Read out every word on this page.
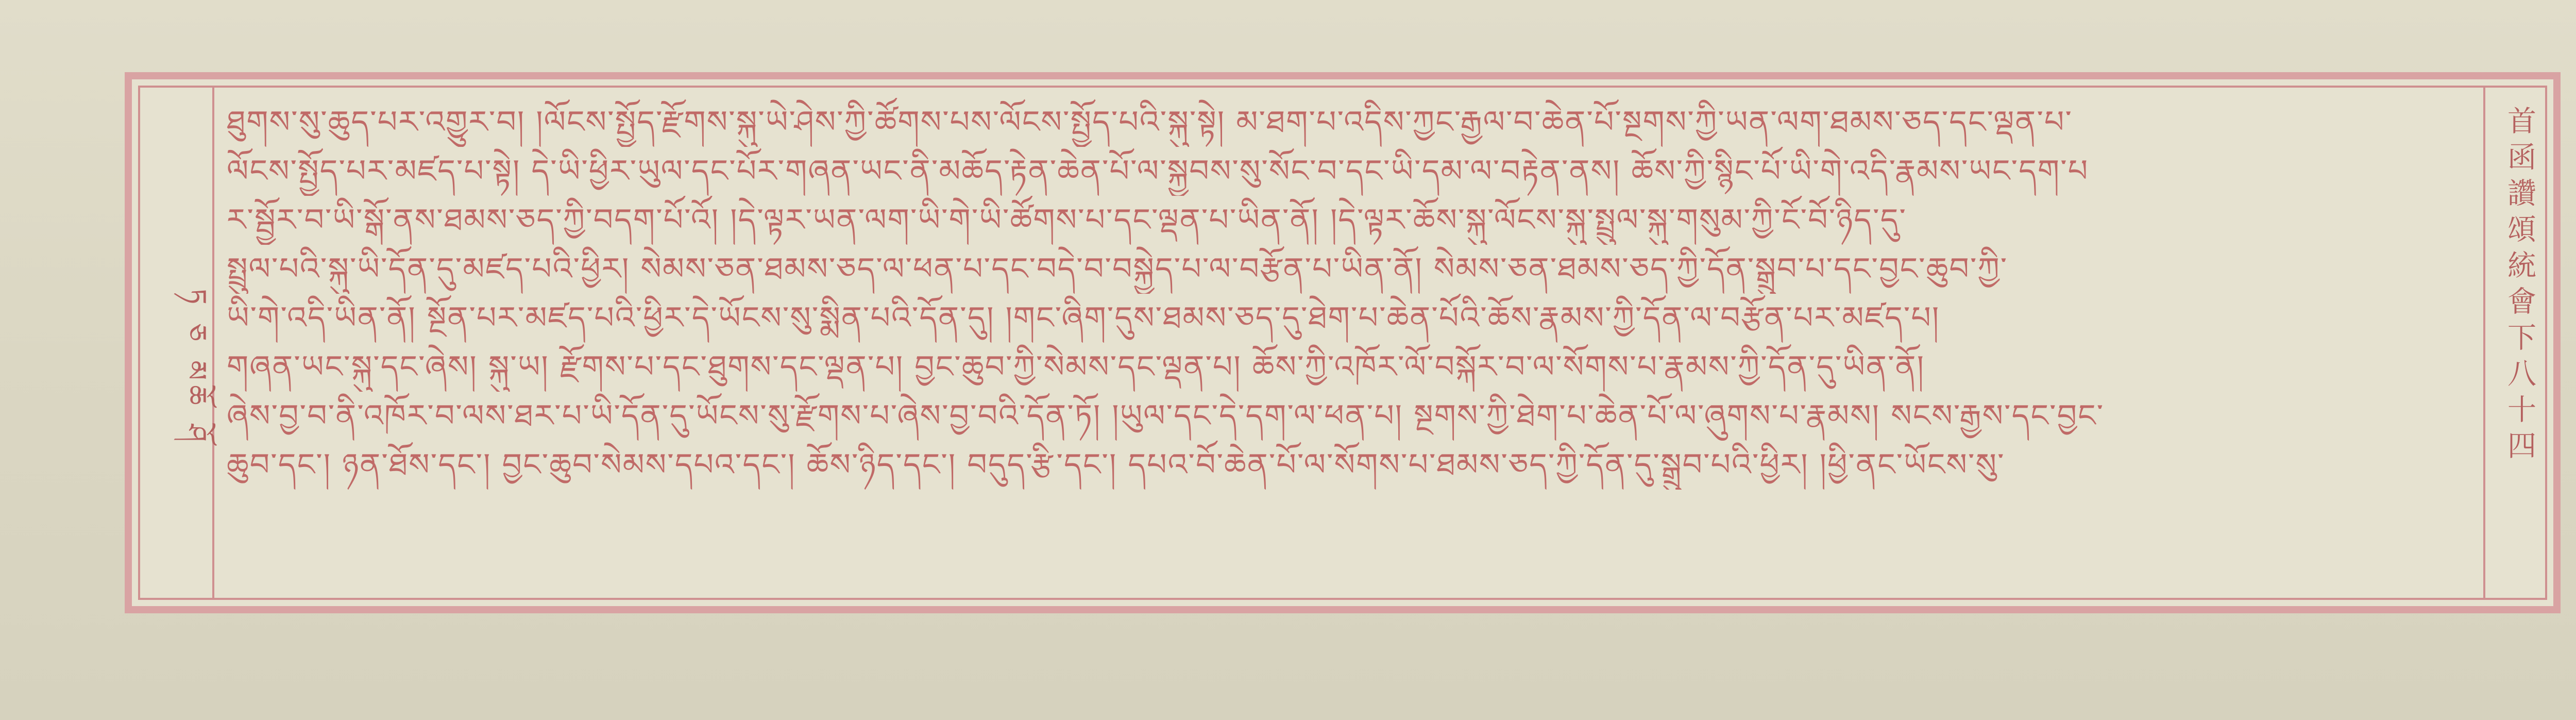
ཏ ཅ མཆོ ཤོ	首函讚頌統會下八十四
ཐུགས་སུ་ཆུད་པར་འགྱུར་བ། །ལོངས་སྤྱོད་རྫོགས་སྐུ་ཡེ་ཤེས་ཀྱི་ཚོགས་པས་ལོངས་སྤྱོད་པའི་སྐུ་སྟེ། མ་ཐག་པ་འདིས་ཀྱང་རྒྱལ་བ་ཆེན་པོ་སྔགས་ཀྱི་ཡན་ལག་ཐམས་ཅད་དང་ལྡན་པ་
ལོངས་སྤྱོད་པར་མཛད་པ་སྟེ། དེ་ཡི་ཕྱིར་ཡུལ་དང་པོར་གཞན་ཡང་ནི་མཆོད་རྟེན་ཆེན་པོ་ལ་སྐྱབས་སུ་སོང་བ་དང་ཡི་དམ་ལ་བརྟེན་ནས། ཆོས་ཀྱི་སྙིང་པོ་ཡི་གེ་འདི་རྣམས་ཡང་དག་པ
ར་སྦྱོར་བ་ཡི་སྒོ་ནས་ཐམས་ཅད་ཀྱི་བདག་པོ་འོ། །དེ་ལྟར་ཡན་ལག་ཡི་གེ་ཡི་ཚོགས་པ་དང་ལྡན་པ་ཡིན་ནོ། །དེ་ལྟར་ཆོས་སྐུ་ལོངས་སྐུ་སྤྲུལ་སྐུ་གསུམ་ཀྱི་ངོ་བོ་ཉིད་དུ་
སྤྲུལ་པའི་སྐུ་ཡི་དོན་དུ་མཛད་པའི་ཕྱིར། སེམས་ཅན་ཐམས་ཅད་ལ་ཕན་པ་དང་བདེ་བ་བསྐྱེད་པ་ལ་བརྩོན་པ་ཡིན་ནོ། སེམས་ཅན་ཐམས་ཅད་ཀྱི་དོན་སྒྲུབ་པ་དང་བྱང་ཆུབ་ཀྱི་
ཡི་གེ་འདི་ཡིན་ནོ། སྔོན་པར་མཛད་པའི་ཕྱིར་དེ་ཡོངས་སུ་སྨིན་པའི་དོན་དུ། །གང་ཞིག་དུས་ཐམས་ཅད་དུ་ཐེག་པ་ཆེན་པོའི་ཆོས་རྣམས་ཀྱི་དོན་ལ་བརྩོན་པར་མཛད་པ།
གཞན་ཡང་སྐུ་དང་ཞེས། སྐུ་ཡ། རྫོགས་པ་དང་ཐུགས་དང་ལྡན་པ། བྱང་ཆུབ་ཀྱི་སེམས་དང་ལྡན་པ། ཆོས་ཀྱི་འཁོར་ལོ་བསྐོར་བ་ལ་སོགས་པ་རྣམས་ཀྱི་དོན་དུ་ཡིན་ནོ།
ཞེས་བྱ་བ་ནི་འཁོར་བ་ལས་ཐར་པ་ཡི་དོན་དུ་ཡོངས་སུ་རྫོགས་པ་ཞེས་བྱ་བའི་དོན་ཏོ། །ཡུལ་དང་དེ་དག་ལ་ཕན་པ། སྔགས་ཀྱི་ཐེག་པ་ཆེན་པོ་ལ་ཞུགས་པ་རྣམས། སངས་རྒྱས་དང་བྱང་
ཆུབ་དང་། ཉན་ཐོས་དང་། བྱང་ཆུབ་སེམས་དཔའ་དང་། ཆོས་ཉིད་དང་། བདུད་རྩི་དང་། དཔའ་བོ་ཆེན་པོ་ལ་སོགས་པ་ཐམས་ཅད་ཀྱི་དོན་དུ་སྒྲུབ་པའི་ཕྱིར། །ཕྱི་ནང་ཡོངས་སུ་
